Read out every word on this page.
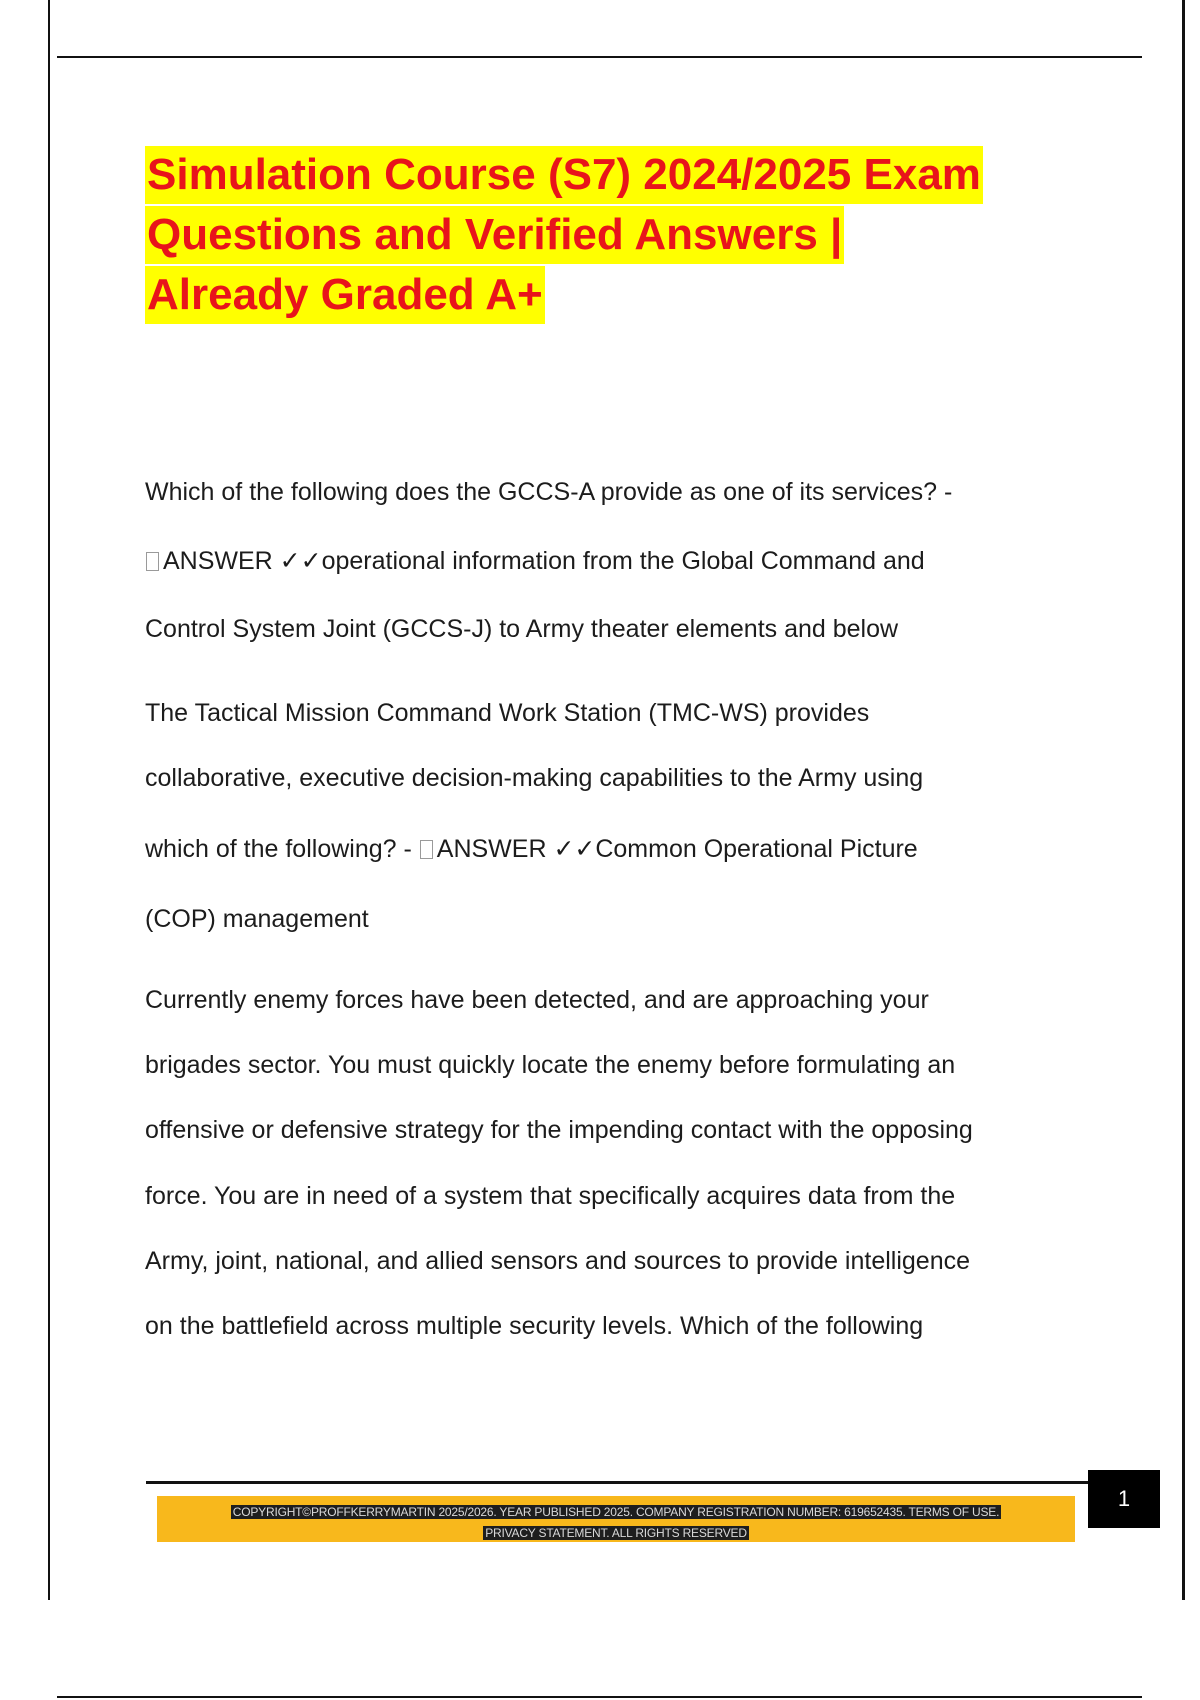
Simulation Course (S7) 2024/2025 Exam
Questions and Verified Answers |
Already Graded A+
Which of the following does the GCCS-A provide as one of its services? -
ANSWER ✓✓operational information from the Global Command and
Control System Joint (GCCS-J) to Army theater elements and below
The Tactical Mission Command Work Station (TMC-WS) provides
collaborative, executive decision-making capabilities to the Army using
which of the following? - ANSWER ✓✓Common Operational Picture
(COP) management
Currently enemy forces have been detected, and are approaching your
brigades sector. You must quickly locate the enemy before formulating an
offensive or defensive strategy for the impending contact with the opposing
force. You are in need of a system that specifically acquires data from the
Army, joint, national, and allied sensors and sources to provide intelligence
on the battlefield across multiple security levels. Which of the following
COPYRIGHT©PROFFKERRYMARTIN 2025/2026. YEAR PUBLISHED 2025. COMPANY REGISTRATION NUMBER: 619652435. TERMS OF USE.
PRIVACY STATEMENT. ALL RIGHTS RESERVED
1
